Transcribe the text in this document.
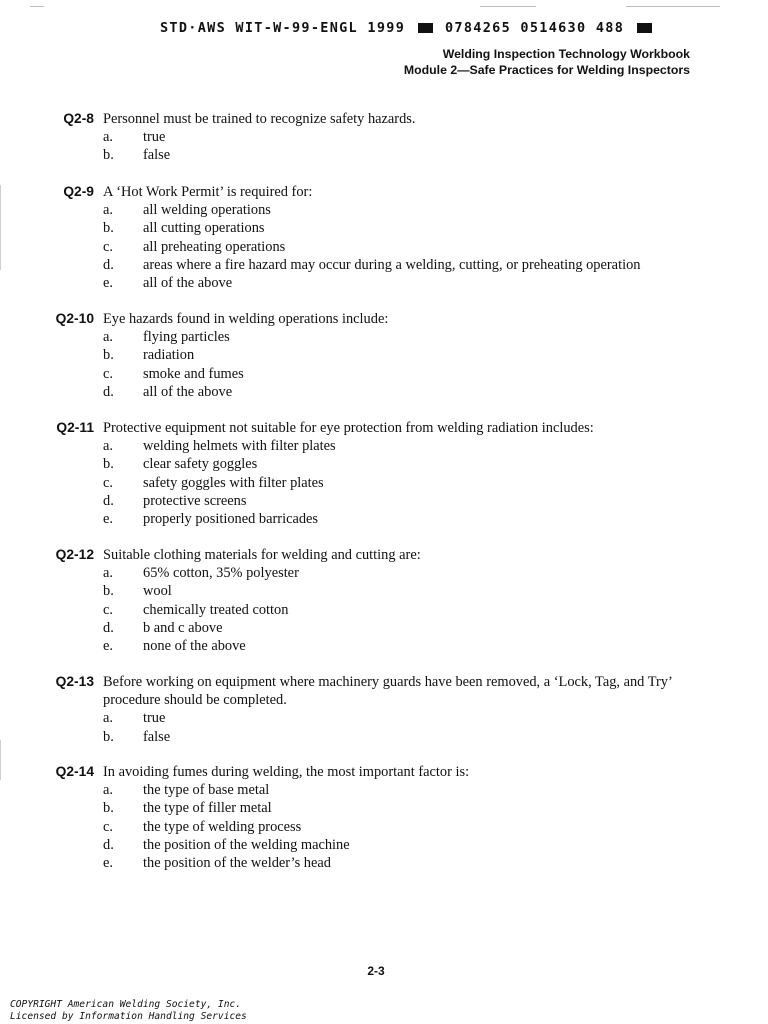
STD·AWS WIT-W-99-ENGL 1999	0784265 0514630 488
Welding Inspection Technology Workbook
Module 2—Safe Practices for Welding Inspectors
Q2-8 Personnel must be trained to recognize safety hazards.
a.	true
b.	false
Q2-9 A ‘Hot Work Permit’ is required for:
a.	all welding operations
b.	all cutting operations
c.	all preheating operations
d.	areas where a fire hazard may occur during a welding, cutting, or preheating operation
e.	all of the above
Q2-10 Eye hazards found in welding operations include:
a.	flying particles
b.	radiation
c.	smoke and fumes
d.	all of the above
Q2-11 Protective equipment not suitable for eye protection from welding radiation includes:
a.	welding helmets with filter plates
b.	clear safety goggles
c.	safety goggles with filter plates
d.	protective screens
e.	properly positioned barricades
Q2-12 Suitable clothing materials for welding and cutting are:
a.	65% cotton, 35% polyester
b.	wool
c.	chemically treated cotton
d.	b and c above
e.	none of the above
Q2-13 Before working on equipment where machinery guards have been removed, a ‘Lock, Tag, and Try’ procedure should be completed.
a.	true
b.	false
Q2-14 In avoiding fumes during welding, the most important factor is:
a.	the type of base metal
b.	the type of filler metal
c.	the type of welding process
d.	the position of the welding machine
e.	the position of the welder’s head
2-3
COPYRIGHT American Welding Society, Inc.
Licensed by Information Handling Services
